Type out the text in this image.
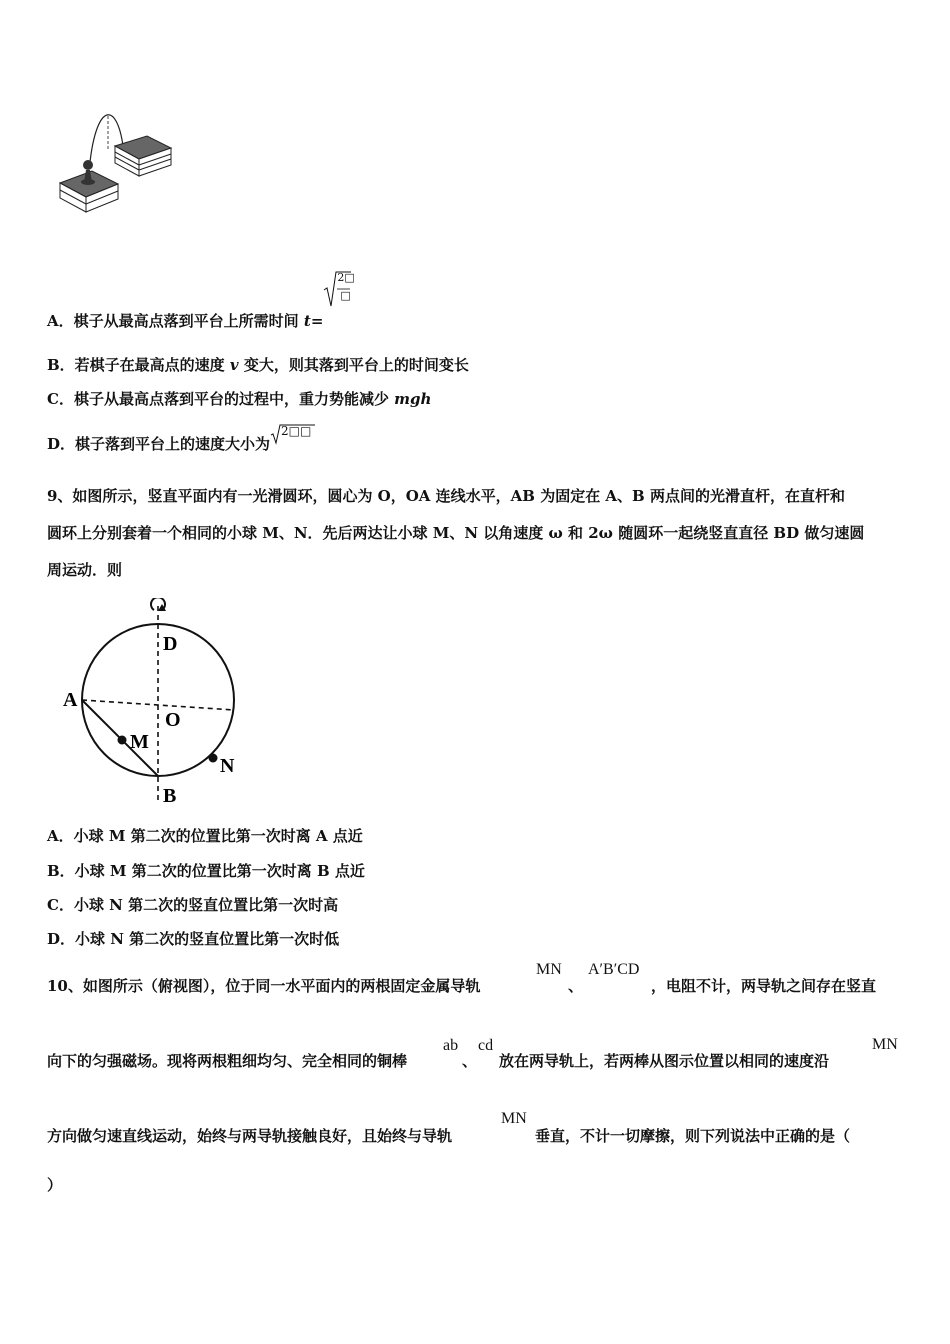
A．棋子从最高点落到平台上所需时间 t=
2□
□
B．若棋子在最高点的速度 v 变大，则其落到平台上的时间变长
C．棋子从最高点落到平台的过程中，重力势能减少 mgh
D．棋子落到平台上的速度大小为
2□□
9、如图所示，竖直平面内有一光滑圆环，圆心为 O，OA 连线水平，AB 为固定在 A、B 两点间的光滑直杆，在直杆和
圆环上分别套着一个相同的小球 M、N．先后两达让小球 M、N 以角速度 ω 和 2ω 随圆环一起绕竖直直径 BD 做匀速圆
周运动．则
A
D
O
M
N
B
A．小球 M 第二次的位置比第一次时离 A 点近
B．小球 M 第二次的位置比第一次时离 B 点近
C．小球 N 第二次的竖直位置比第一次时高
D．小球 N 第二次的竖直位置比第一次时低
10、如图所示（俯视图），位于同一水平面内的两根固定金属导轨
MN
、
A′B′CD
，电阻不计，两导轨之间存在竖直
向下的匀强磁场。现将两根粗细均匀、完全相同的铜棒
ab
、
cd
放在两导轨上，若两棒从图示位置以相同的速度沿
MN
方向做匀速直线运动，始终与两导轨接触良好，且始终与导轨
MN
垂直，不计一切摩擦，则下列说法中正确的是（
）
